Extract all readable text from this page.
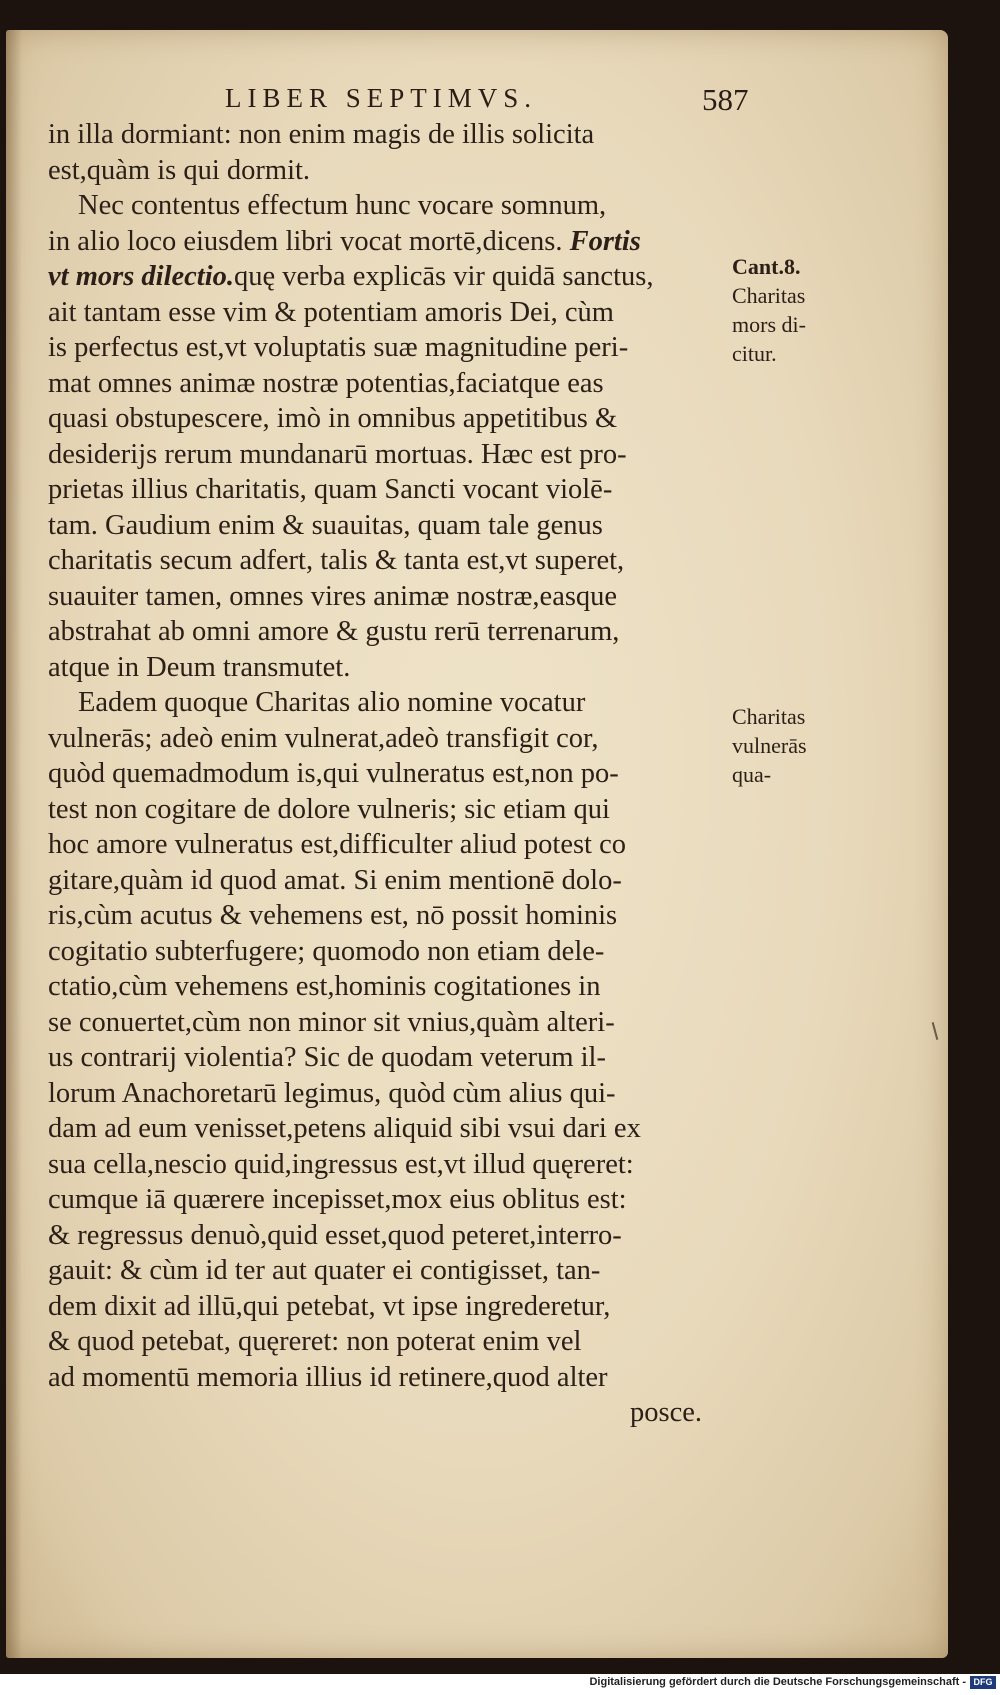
LIBER SEPTIMVS.	587
in illa dormiant: non enim magis de illis solicita
est,quàm is qui dormit.
Nec contentus effectum hunc vocare somnum,
in alio loco eiusdem libri vocat mortē,dicens. Fortis
vt mors dilectio.quę verba explicās vir quidā sanctus,
ait tantam esse vim & potentiam amoris Dei, cùm
is perfectus est,vt voluptatis suæ magnitudine peri-
mat omnes animæ nostræ potentias,faciatque eas
quasi obstupescere, imò in omnibus appetitibus &
desiderijs rerum mundanarū mortuas. Hæc est pro-
prietas illius charitatis, quam Sancti vocant violē-
tam. Gaudium enim & suauitas, quam tale genus
charitatis secum adfert, talis & tanta est,vt superet,
suauiter tamen, omnes vires animæ nostræ,easque
abstrahat ab omni amore & gustu rerū terrenarum,
atque in Deum transmutet.
Eadem quoque Charitas alio nomine vocatur
vulnerās; adeò enim vulnerat,adeò transfigit cor,
quòd quemadmodum is,qui vulneratus est,non po-
test non cogitare de dolore vulneris; sic etiam qui
hoc amore vulneratus est,difficulter aliud potest co
gitare,quàm id quod amat. Si enim mentionē dolo-
ris,cùm acutus & vehemens est, nō possit hominis
cogitatio subterfugere; quomodo non etiam dele-
ctatio,cùm vehemens est,hominis cogitationes in
se conuertet,cùm non minor sit vnius,quàm alteri-
us contrarij violentia? Sic de quodam veterum il-
lorum Anachoretarū legimus, quòd cùm alius qui-
dam ad eum venisset,petens aliquid sibi vsui dari ex
sua cella,nescio quid,ingressus est,vt illud quęreret:
cumque iā quærere incepisset,mox eius oblitus est:
& regressus denuò,quid esset,quod peteret,interro-
gauit: & cùm id ter aut quater ei contigisset, tan-
dem dixit ad illū,qui petebat, vt ipse ingrederetur,
& quod petebat, quęreret: non poterat enim vel
ad momentū memoria illius id retinere,quod alter
posce.
Cant.8.
Charitas
mors di-
citur.
Charitas
vulnerās
qua-
Digitalisierung gefördert durch die Deutsche Forschungsgemeinschaft - DFG
